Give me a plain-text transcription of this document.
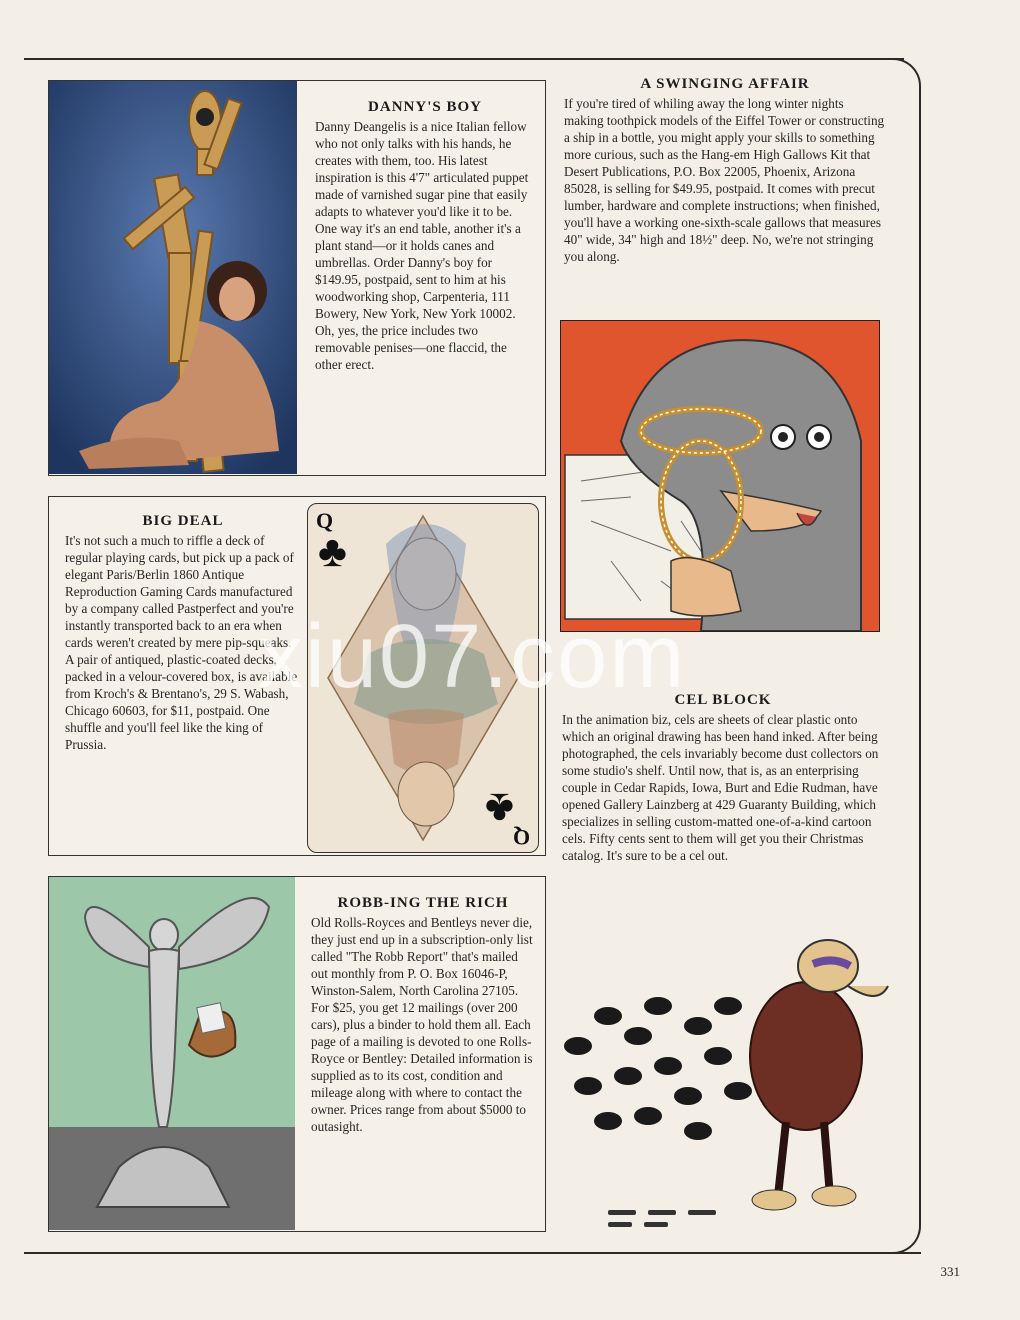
DANNY'S BOY

Danny Deangelis is a nice Italian fellow who not only talks with his hands, he creates with them, too. His latest inspiration is this 4'7" articulated puppet made of varnished sugar pine that easily adapts to whatever you'd like it to be. One way it's an end table, another it's a plant stand—or it holds canes and umbrellas. Order Danny's boy for $149.95, postpaid, sent to him at his woodworking shop, Carpenteria, 111 Bowery, New York, New York 10002. Oh, yes, the price includes two removable penises—one flaccid, the other erect.

A SWINGING AFFAIR

If you're tired of whiling away the long winter nights making toothpick models of the Eiffel Tower or constructing a ship in a bottle, you might apply your skills to something more curious, such as the Hang-em High Gallows Kit that Desert Publications, P.O. Box 22005, Phoenix, Arizona 85028, is selling for $49.95, postpaid. It comes with precut lumber, hardware and complete instructions; when finished, you'll have a working one-sixth-scale gallows that measures 40" wide, 34" high and 18½" deep. No, we're not stringing you along.

BIG DEAL

It's not such a much to riffle a deck of regular playing cards, but pick up a pack of elegant Paris/Berlin 1860 Antique Reproduction Gaming Cards manufactured by a company called Pastperfect and you're instantly transported back to an era when cards weren't created by mere pip-squeaks. A pair of antiqued, plastic-coated decks, packed in a velour-covered box, is available from Kroch's & Brentano's, 29 S. Wabash, Chicago 60603, for $11, postpaid. One shuffle and you'll feel like the king of Prussia.

Q
♣
♣
Q

CEL BLOCK

In the animation biz, cels are sheets of clear plastic onto which an original drawing has been hand inked. After being photographed, the cels invariably become dust collectors on some studio's shelf. Until now, that is, as an enterprising couple in Cedar Rapids, Iowa, Burt and Edie Rudman, have opened Gallery Lainzberg at 429 Guaranty Building, which specializes in selling custom-matted one-of-a-kind cartoon cels. Fifty cents sent to them will get you their Christmas catalog. It's sure to be a cel out.

ROBB-ING THE RICH

Old Rolls-Royces and Bentleys never die, they just end up in a subscription-only list called "The Robb Report" that's mailed out monthly from P. O. Box 16046-P, Winston-Salem, North Carolina 27105. For $25, you get 12 mailings (over 200 cars), plus a binder to hold them all. Each page of a mailing is devoted to one Rolls-Royce or Bentley: Detailed information is supplied as to its cost, condition and mileage along with where to contact the owner. Prices range from about $5000 to outasight.

xiu07.com
331
